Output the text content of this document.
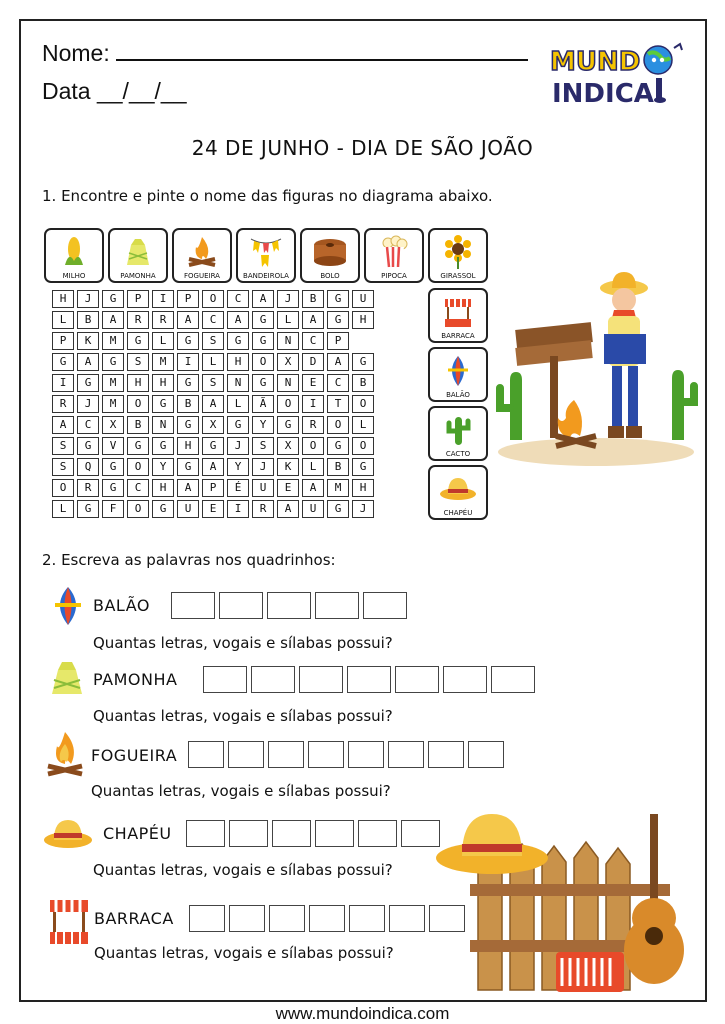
Nome:
Data __/__/__
MUND
INDICA
24 DE JUNHO - DIA DE SÃO JOÃO
1. Encontre e pinte o nome das figuras no diagrama abaixo.
MILHO	PAMONHA	FOGUEIRA	BANDEIROLA	BOLO	PIPOCA	GIRASSOL
H	J	G	P	I	P	O	C	A	J	B	G	U
L	B	A	R	R	A	C	A	G	L	A	G	H
P	K	M	G	L	G	S	G	G	N	C	P	
G	A	G	S	M	I	L	H	O	X	D	A	G
I	G	M	H	H	G	S	N	G	N	E	C	B
R	J	M	O	G	B	A	L	Ã	O	I	T	O
A	C	X	B	N	G	X	G	Y	G	R	O	L
S	G	V	G	G	H	G	J	S	X	O	G	O
S	Q	G	O	Y	G	A	Y	J	K	L	B	G
O	R	G	C	H	A	P	É	U	E	A	M	H
L	G	F	O	G	U	E	I	R	A	U	G	J
BARRACA
BALÃO
CACTO
CHAPÉU
2. Escreva as palavras nos quadrinhos:
BALÃO
Quantas letras, vogais e sílabas possui?
PAMONHA
Quantas letras, vogais e sílabas possui?
FOGUEIRA
Quantas letras, vogais e sílabas possui?
CHAPÉU
Quantas letras, vogais e sílabas possui?
BARRACA
Quantas letras, vogais e sílabas possui?
www.mundoindica.com
